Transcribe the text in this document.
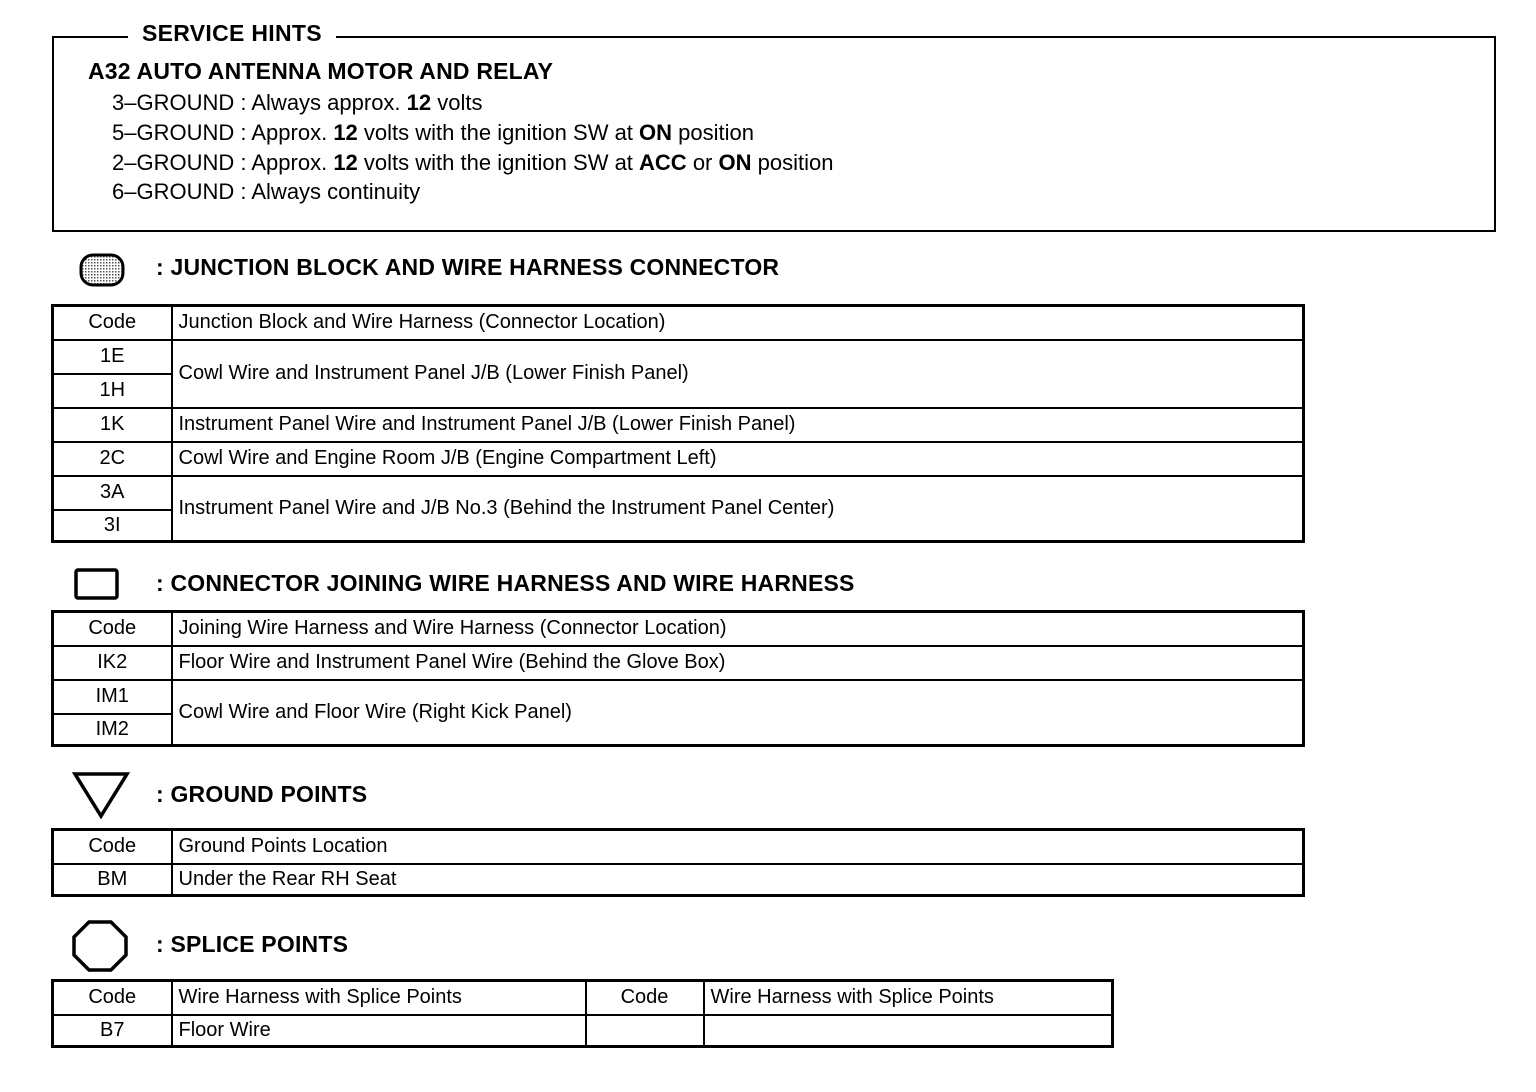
SERVICE HINTS
A32 AUTO ANTENNA MOTOR AND RELAY
3–GROUND : Always approx. 12 volts
5–GROUND : Approx. 12 volts with the ignition SW at ON position
2–GROUND : Approx. 12 volts with the ignition SW at ACC or ON position
6–GROUND : Always continuity
: JUNCTION BLOCK AND WIRE HARNESS CONNECTOR
Code	Junction Block and Wire Harness (Connector Location)
1E	Cowl Wire and Instrument Panel J/B (Lower Finish Panel)
1H	
1K	Instrument Panel Wire and Instrument Panel J/B (Lower Finish Panel)
2C	Cowl Wire and Engine Room J/B (Engine Compartment Left)
3A	Instrument Panel Wire and J/B No.3 (Behind the Instrument Panel Center)
3I	
: CONNECTOR JOINING WIRE HARNESS AND WIRE HARNESS
Code	Joining Wire Harness and Wire Harness (Connector Location)
IK2	Floor Wire and Instrument Panel Wire (Behind the Glove Box)
IM1	Cowl Wire and Floor Wire (Right Kick Panel)
IM2	
: GROUND POINTS
Code	Ground Points Location
BM	Under the Rear RH Seat
: SPLICE POINTS
Code	Wire Harness with Splice Points	Code	Wire Harness with Splice Points
B7	Floor Wire		
